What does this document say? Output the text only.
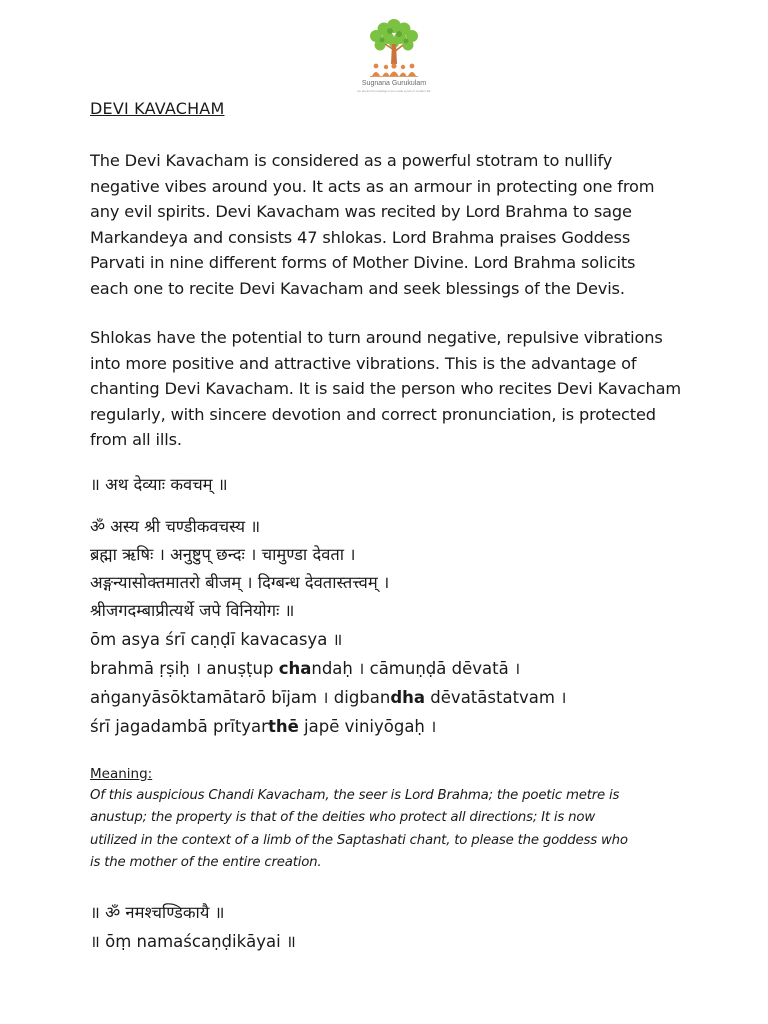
Sugnana Gurukulam
An ancient Knowledge to be made a part of modern life
DEVI KAVACHAM

The Devi Kavacham is considered as a powerful stotram to nullify

negative vibes around you. It acts as an armour in protecting one from

any evil spirits. Devi Kavacham was recited by Lord Brahma to sage

Markandeya and consists 47 shlokas. Lord Brahma praises Goddess

Parvati in nine different forms of Mother Divine. Lord Brahma solicits

each one to recite Devi Kavacham and seek blessings of the Devis.

Shlokas have the potential to turn around negative, repulsive vibrations

into more positive and attractive vibrations. This is the advantage of

chanting Devi Kavacham. It is said the person who recites Devi Kavacham

regularly, with sincere devotion and correct pronunciation, is protected

from all ills.

॥ अथ देव्याः कवचम् ॥

ॐ अस्य श्री चण्डीकवचस्य ॥

ब्रह्मा ऋषिः । अनुष्टुप् छन्दः । चामुण्डा देवता ।

अङ्गन्यासोक्तमातरो बीजम् । दिग्बन्ध देवतास्तत्त्वम् ।

श्रीजगदम्बाप्रीत्यर्थे जपे विनियोगः ॥

ōm asya śrī caṇḍī kavacasya ॥

brahmā ṛṣiḥ । anuṣṭup chandaḥ । cāmuṇḍā dēvatā ।

aṅganyāsōktamātarō bījam । digbandha dēvatāstatvam ।

śrī jagadambā prītyarthē japē viniyōgaḥ ।

Meaning:

Of this auspicious Chandi Kavacham, the seer is Lord Brahma; the poetic metre is

anustup; the property is that of the deities who protect all directions; It is now

utilized in the context of a limb of the Saptashati chant, to please the goddess who

is the mother of the entire creation.

॥ ॐ नमश्चण्डिकायै ॥

॥ ōṃ namaścaṇḍikāyai ॥
